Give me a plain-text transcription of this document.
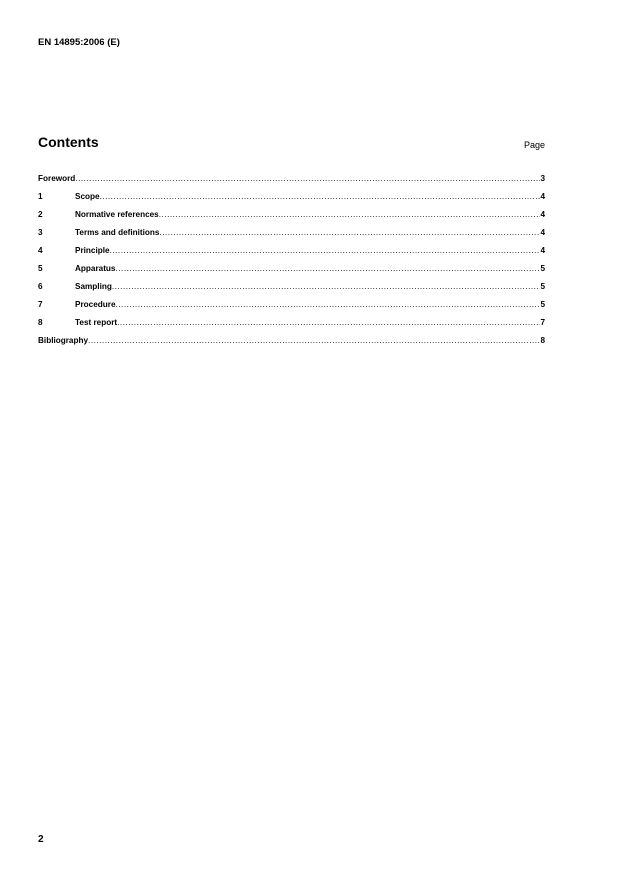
EN 14895:2006 (E)
Contents	Page
Foreword .....	3
1	Scope .....	4
2	Normative references .....	4
3	Terms and definitions .....	4
4	Principle .....	4
5	Apparatus .....	5
6	Sampling .....	5
7	Procedure .....	5
8	Test report .....	7
Bibliography .....	8
2
